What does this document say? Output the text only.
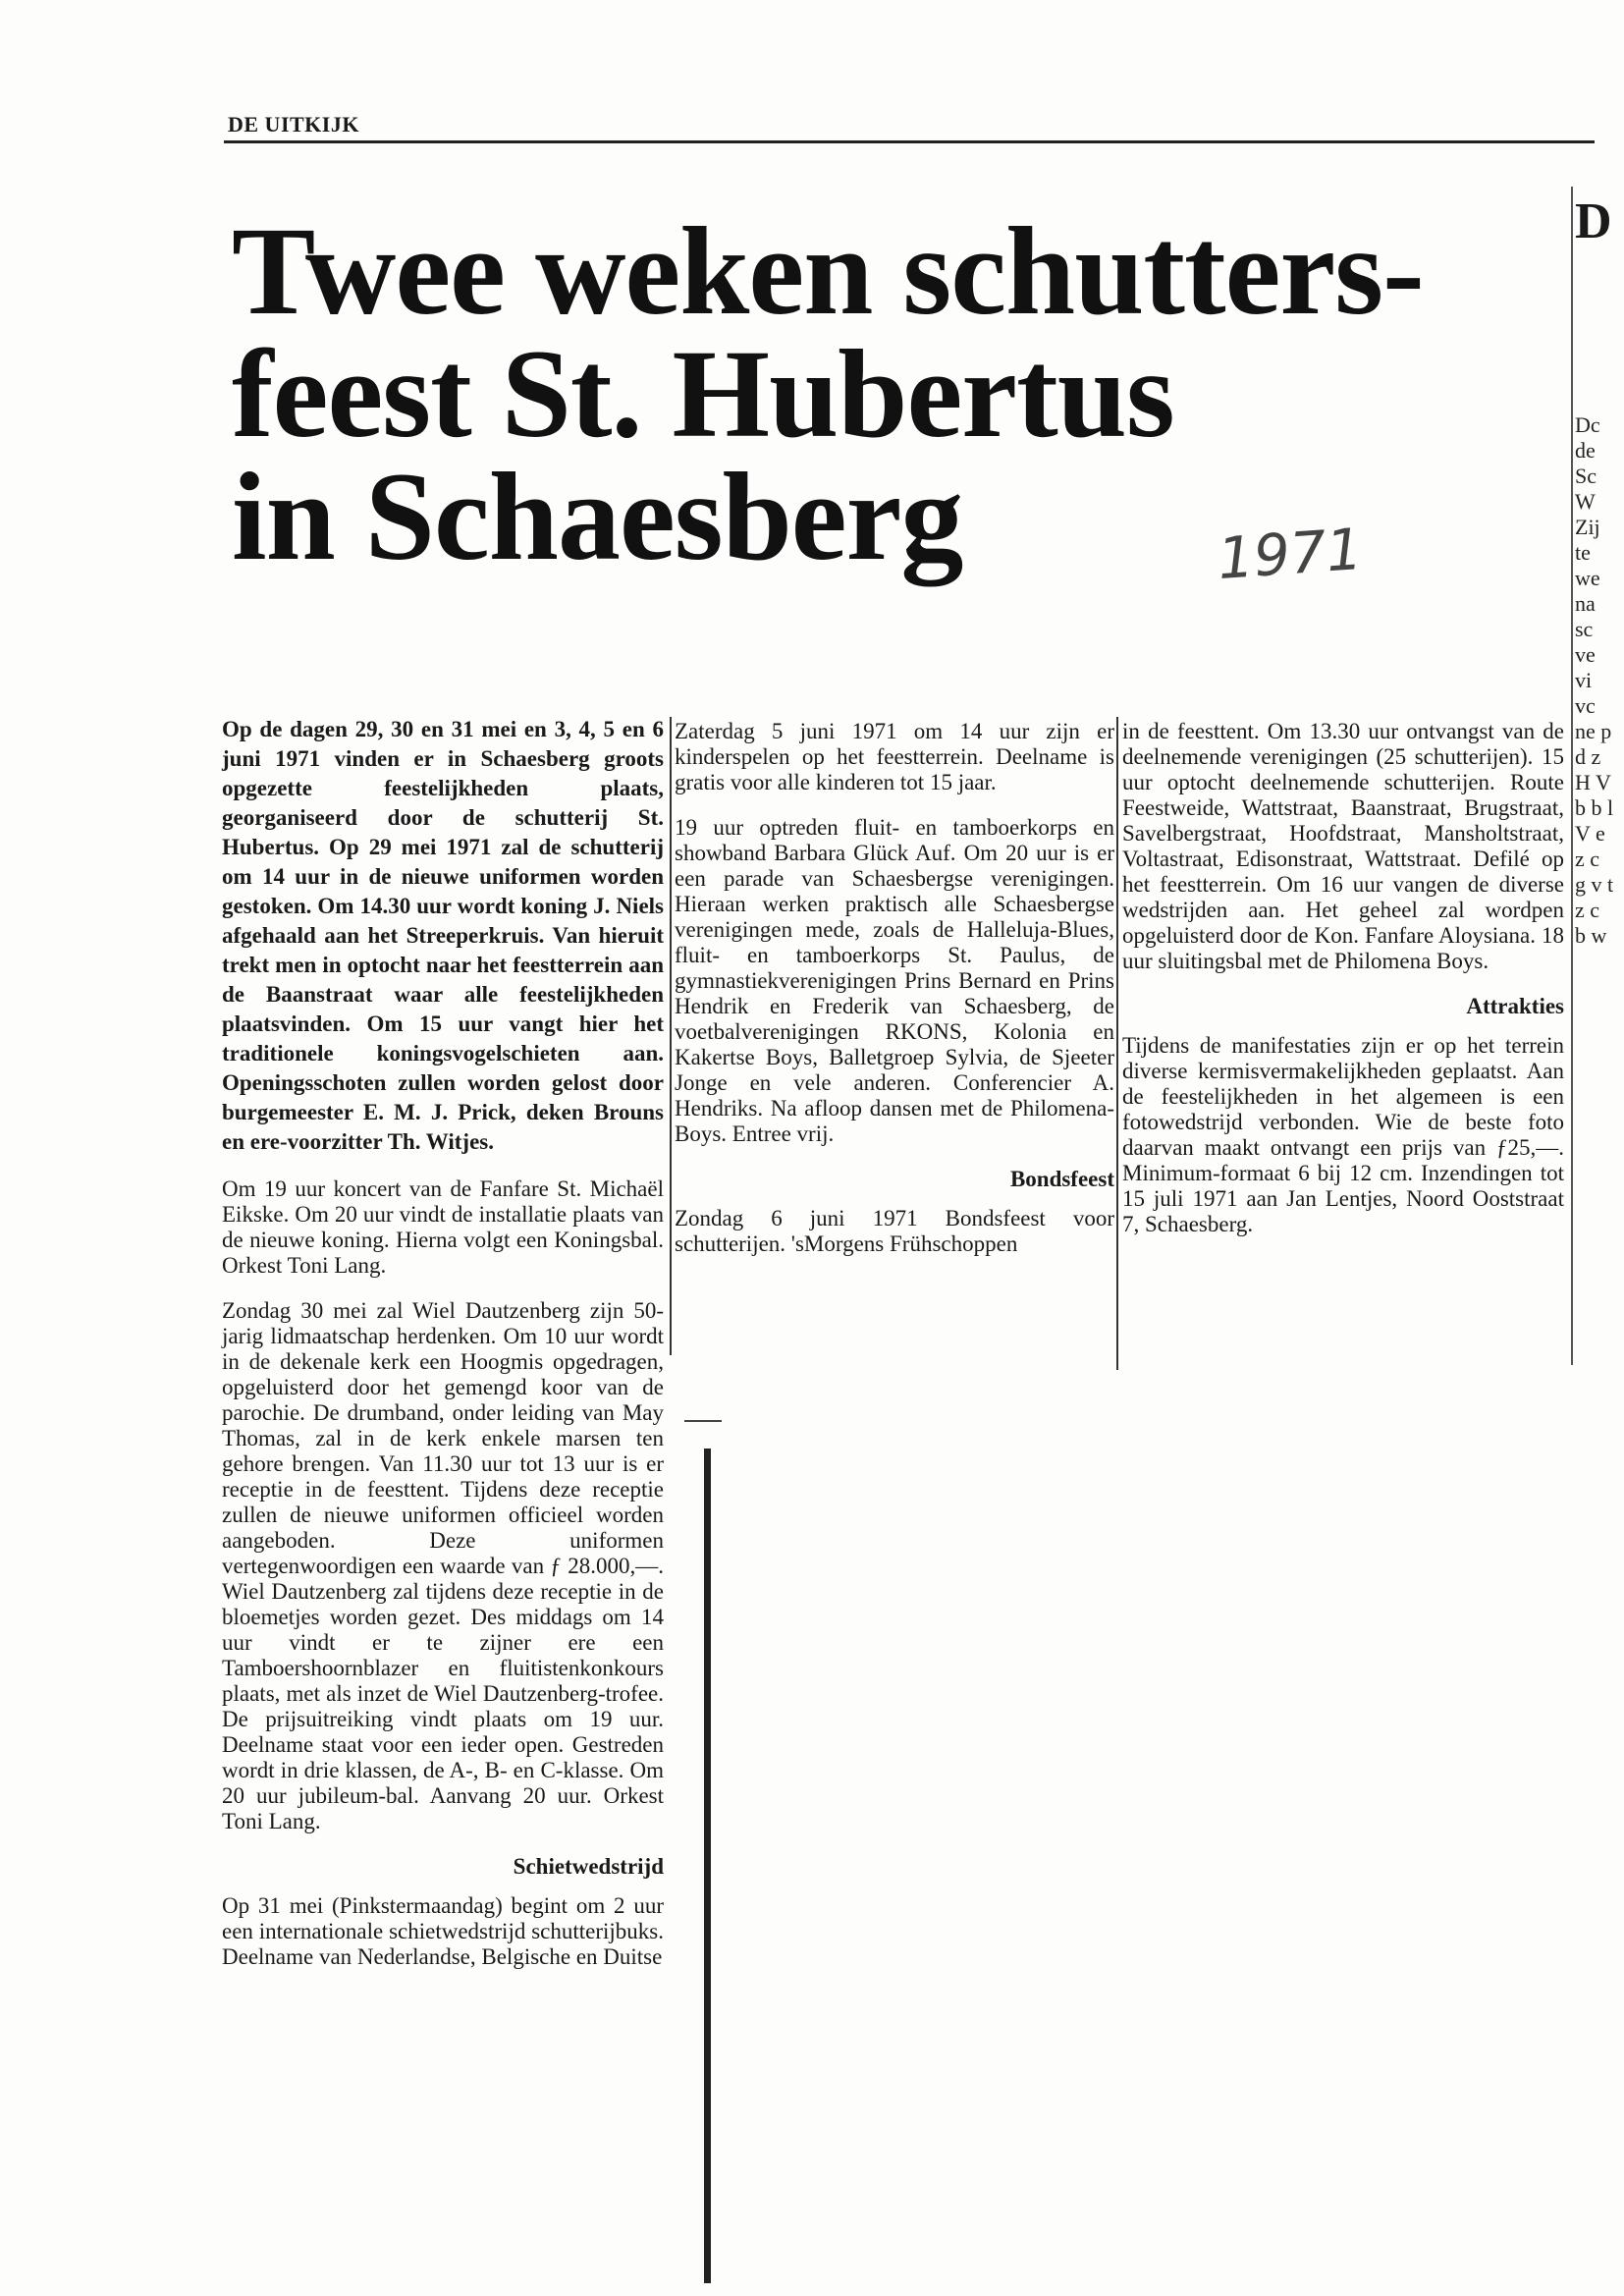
DE UITKIJK
Twee weken schutters-
feest St. Hubertus
in Schaesberg	1971

Op de dagen 29, 30 en 31 mei en 3, 4, 5 en 6 juni 1971 vinden er in Schaesberg groots opgezette feestelijkheden plaats, georganiseerd door de schutterij St. Hubertus. Op 29 mei 1971 zal de schutterij om 14 uur in de nieuwe uniformen worden gestoken. Om 14.30 uur wordt koning J. Niels afgehaald aan het Streeperkruis. Van hieruit trekt men in optocht naar het feestterrein aan de Baanstraat waar alle feestelijkheden plaatsvinden. Om 15 uur vangt hier het traditionele koningsvogelschieten aan. Openingsschoten zullen worden gelost door burgemeester E. M. J. Prick, deken Brouns en ere-voorzitter Th. Witjes.

Om 19 uur koncert van de Fanfare St. Michaël Eikske. Om 20 uur vindt de installatie plaats van de nieuwe koning. Hierna volgt een Koningsbal. Orkest Toni Lang.

Zondag 30 mei zal Wiel Dautzenberg zijn 50-jarig lidmaatschap herdenken. Om 10 uur wordt in de dekenale kerk een Hoogmis opgedragen, opgeluisterd door het gemengd koor van de parochie. De drumband, onder leiding van May Thomas, zal in de kerk enkele marsen ten gehore brengen. Van 11.30 uur tot 13 uur is er receptie in de feesttent. Tijdens deze receptie zullen de nieuwe uniformen officieel worden aangeboden. Deze uniformen vertegenwoordigen een waarde van ƒ 28.000,—. Wiel Dautzenberg zal tijdens deze receptie in de bloemetjes worden gezet. Des middags om 14 uur vindt er te zijner ere een Tamboershoornblazer en fluitistenkonkours plaats, met als inzet de Wiel Dautzenberg-trofee. De prijsuitreiking vindt plaats om 19 uur. Deelname staat voor een ieder open. Gestreden wordt in drie klassen, de A-, B- en C-klasse. Om 20 uur jubileum-bal. Aanvang 20 uur. Orkest Toni Lang.

Schietwedstrijd

Op 31 mei (Pinkstermaandag) begint om 2 uur een internationale schietwedstrijd schutterijbuks. Deelname van Nederlandse, Belgische en Duitse

Zaterdag 5 juni 1971 om 14 uur zijn er kinderspelen op het feestterrein. Deelname is gratis voor alle kinderen tot 15 jaar.

19 uur optreden fluit- en tamboerkorps en showband Barbara Glück Auf. Om 20 uur is er een parade van Schaesbergse verenigingen. Hieraan werken praktisch alle Schaesbergse verenigingen mede, zoals de Halleluja-Blues, fluit- en tamboerkorps St. Paulus, de gymnastiekverenigingen Prins Bernard en Prins Hendrik en Frederik van Schaesberg, de voetbalverenigingen RKONS, Kolonia en Kakertse Boys, Balletgroep Sylvia, de Sjeeter Jonge en vele anderen. Conferencier A. Hendriks. Na afloop dansen met de Philomena-Boys. Entree vrij.

Bondsfeest

Zondag 6 juni 1971 Bondsfeest voor schutterijen. 'sMorgens Frühschoppen

in de feesttent. Om 13.30 uur ontvangst van de deelnemende verenigingen (25 schutterijen). 15 uur optocht deelnemende schutterijen. Route Feestweide, Wattstraat, Baanstraat, Brugstraat, Savelbergstraat, Hoofdstraat, Mansholtstraat, Voltastraat, Edisonstraat, Wattstraat. Defilé op het feestterrein. Om 16 uur vangen de diverse wedstrijden aan. Het geheel zal wordpen opgeluisterd door de Kon. Fanfare Aloysiana. 18 uur sluitingsbal met de Philomena Boys.

Attrakties

Tijdens de manifestaties zijn er op het terrein diverse kermisvermakelijkheden geplaatst. Aan de feestelijkheden in het algemeen is een fotowedstrijd verbonden. Wie de beste foto daarvan maakt ontvangt een prijs van ƒ25,—. Minimum-formaat 6 bij 12 cm. Inzendingen tot 15 juli 1971 aan Jan Lentjes, Noord Ooststraat 7, Schaesberg.

D
Dc de Sc W Zij te we na sc ve vi vc ne p d z H V b b l V e z c g v t z c b w
